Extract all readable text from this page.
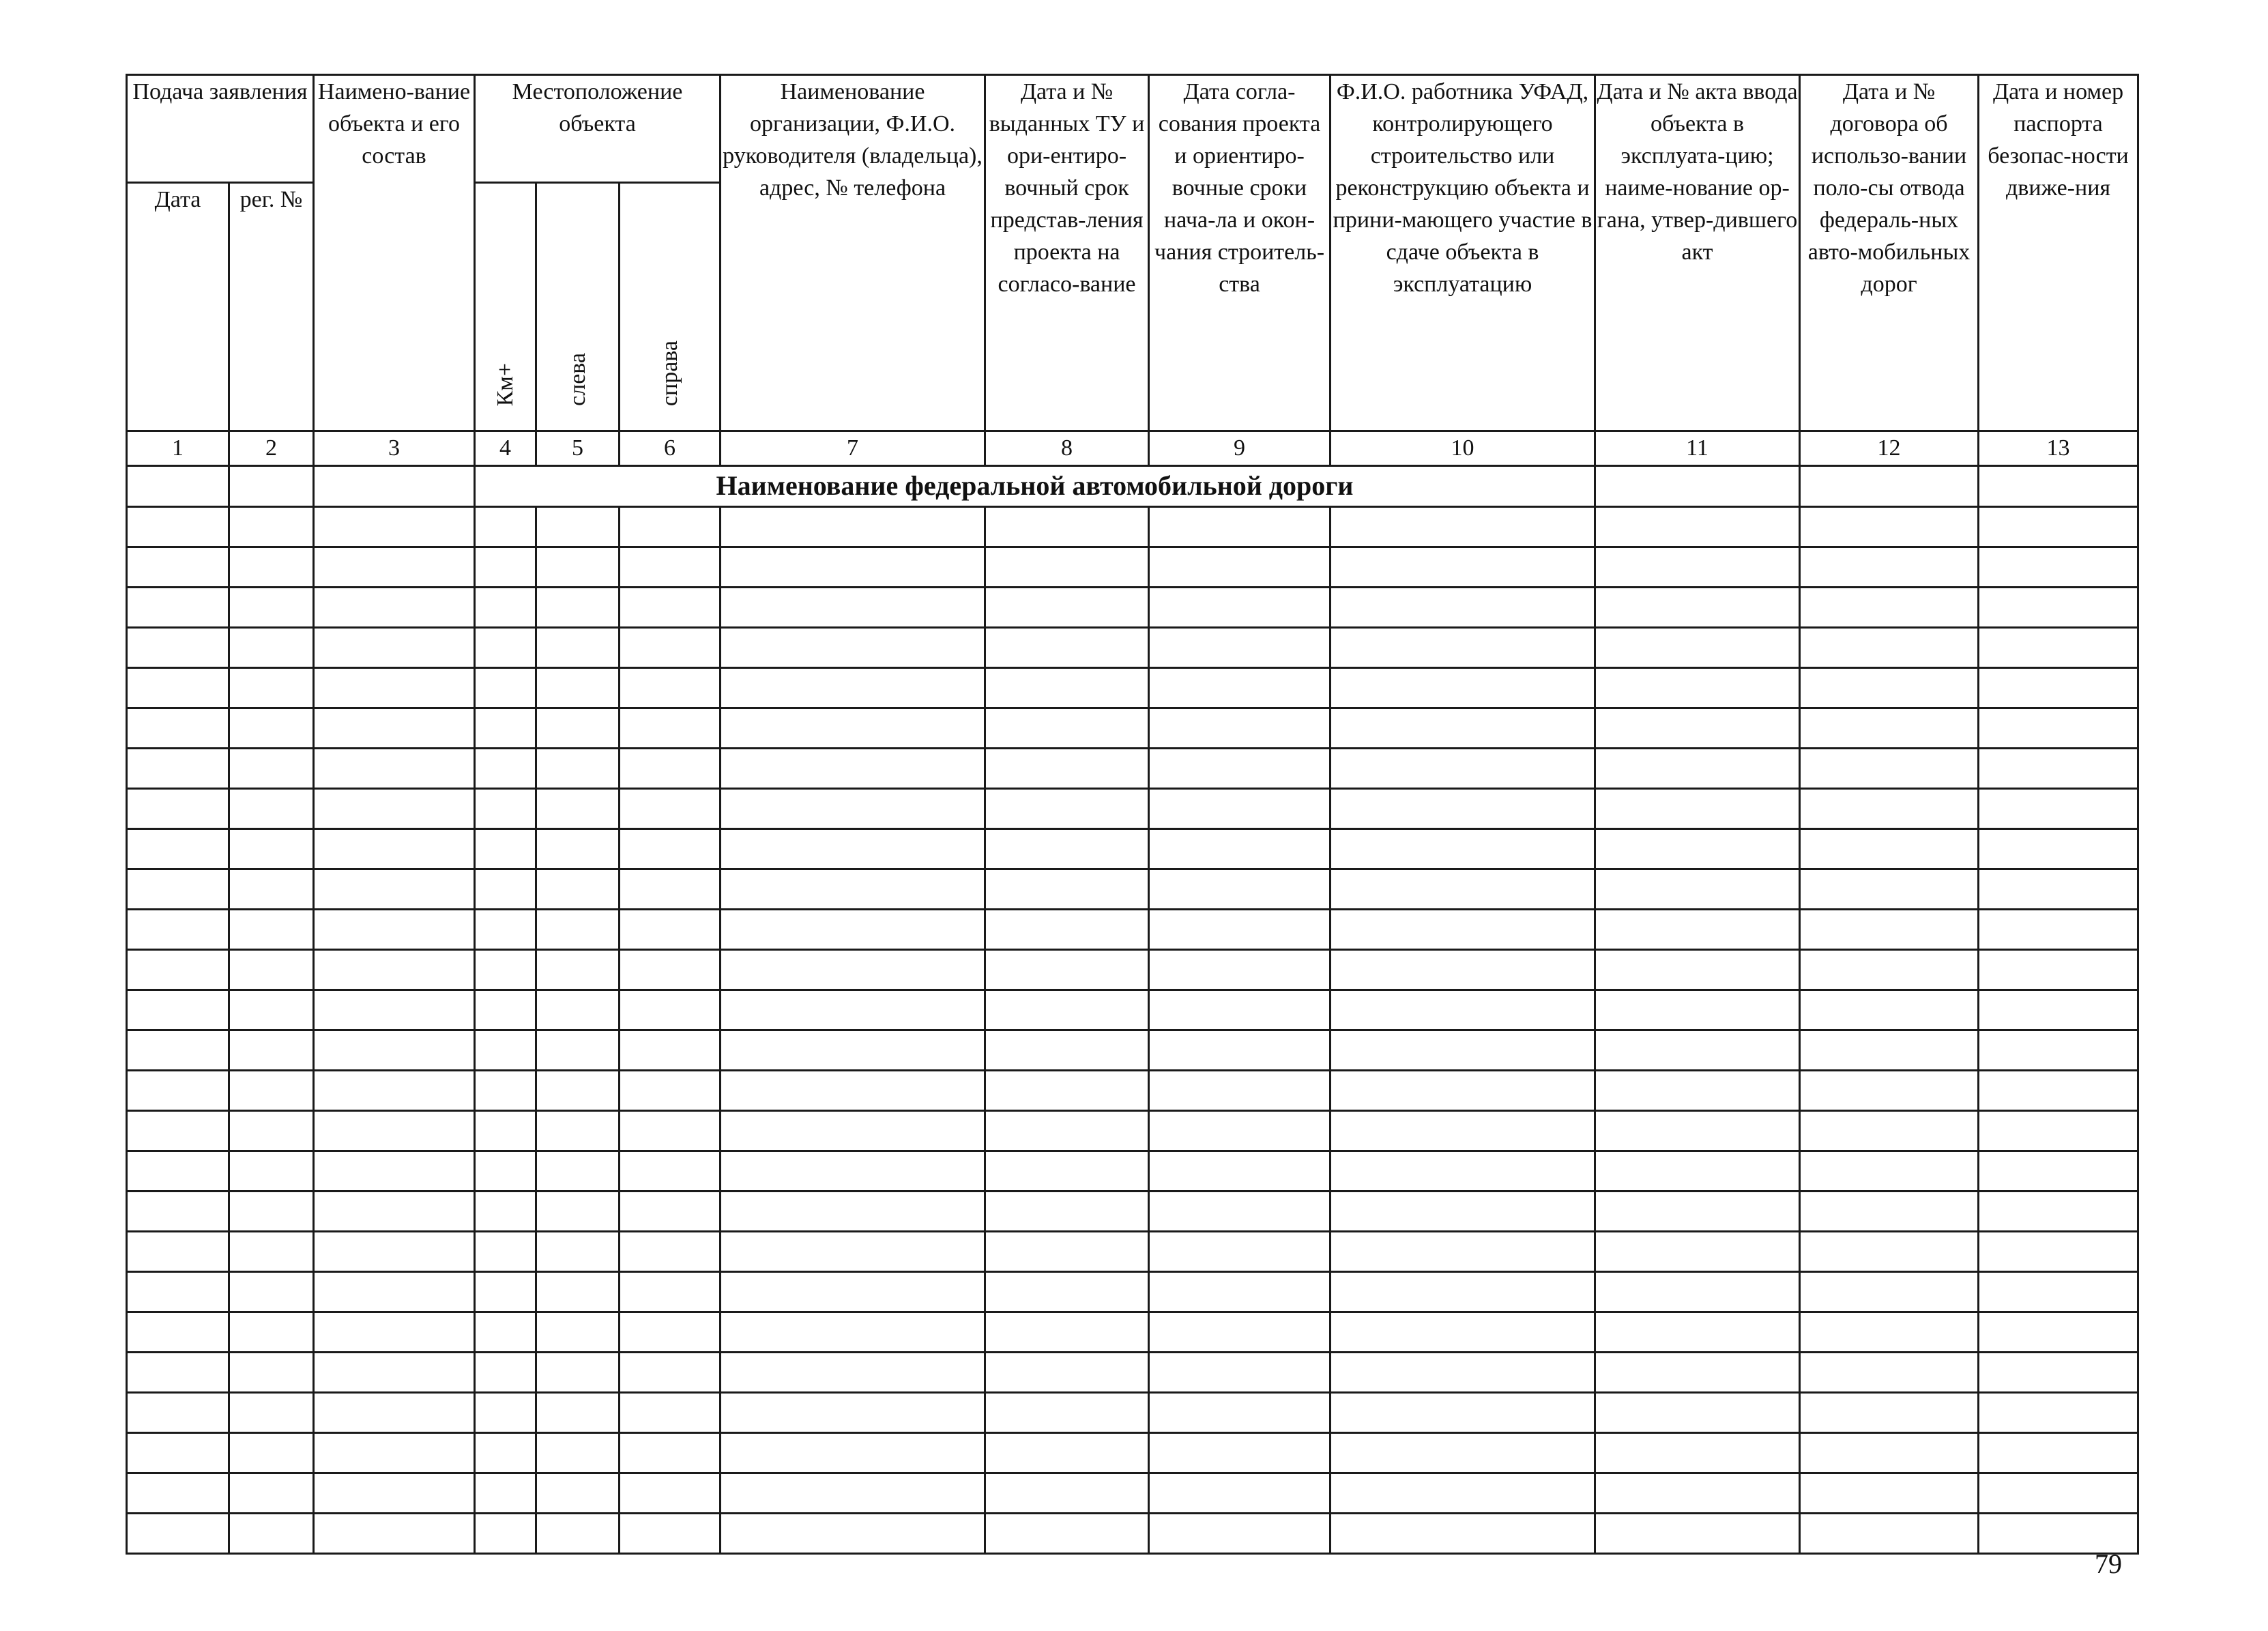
Подача заявления		Наимено-вание объекта и его состав	Местоположение объекта			Наименование организации, Ф.И.О. руководителя (владельца), адрес, № телефона	Дата и № выданных ТУ и ори-ентиро-вочный срок представ-ления проекта на согласо-вание	Дата согла-сования проекта и ориентиро-вочные сроки нача-ла и окон-чания строитель-ства	Ф.И.О. работника УФАД, контролирующего строительство или реконструкцию объекта и прини-мающего участие в сдаче объекта в эксплуатацию	Дата и № акта ввода объекта в эксплуата-цию; наиме-нование ор-гана, утвер-дившего акт	Дата и № договора об использо-вании поло-сы отвода федераль-ных авто-мобильных дорог	Дата и номер паспорта безопас-ности движе-ния
Дата	рег. №		Км+	слева	справа							
1	2	3	4	5	6	7	8	9	10	11	12	13
			Наименование федеральной автомобильной дороги									

79
